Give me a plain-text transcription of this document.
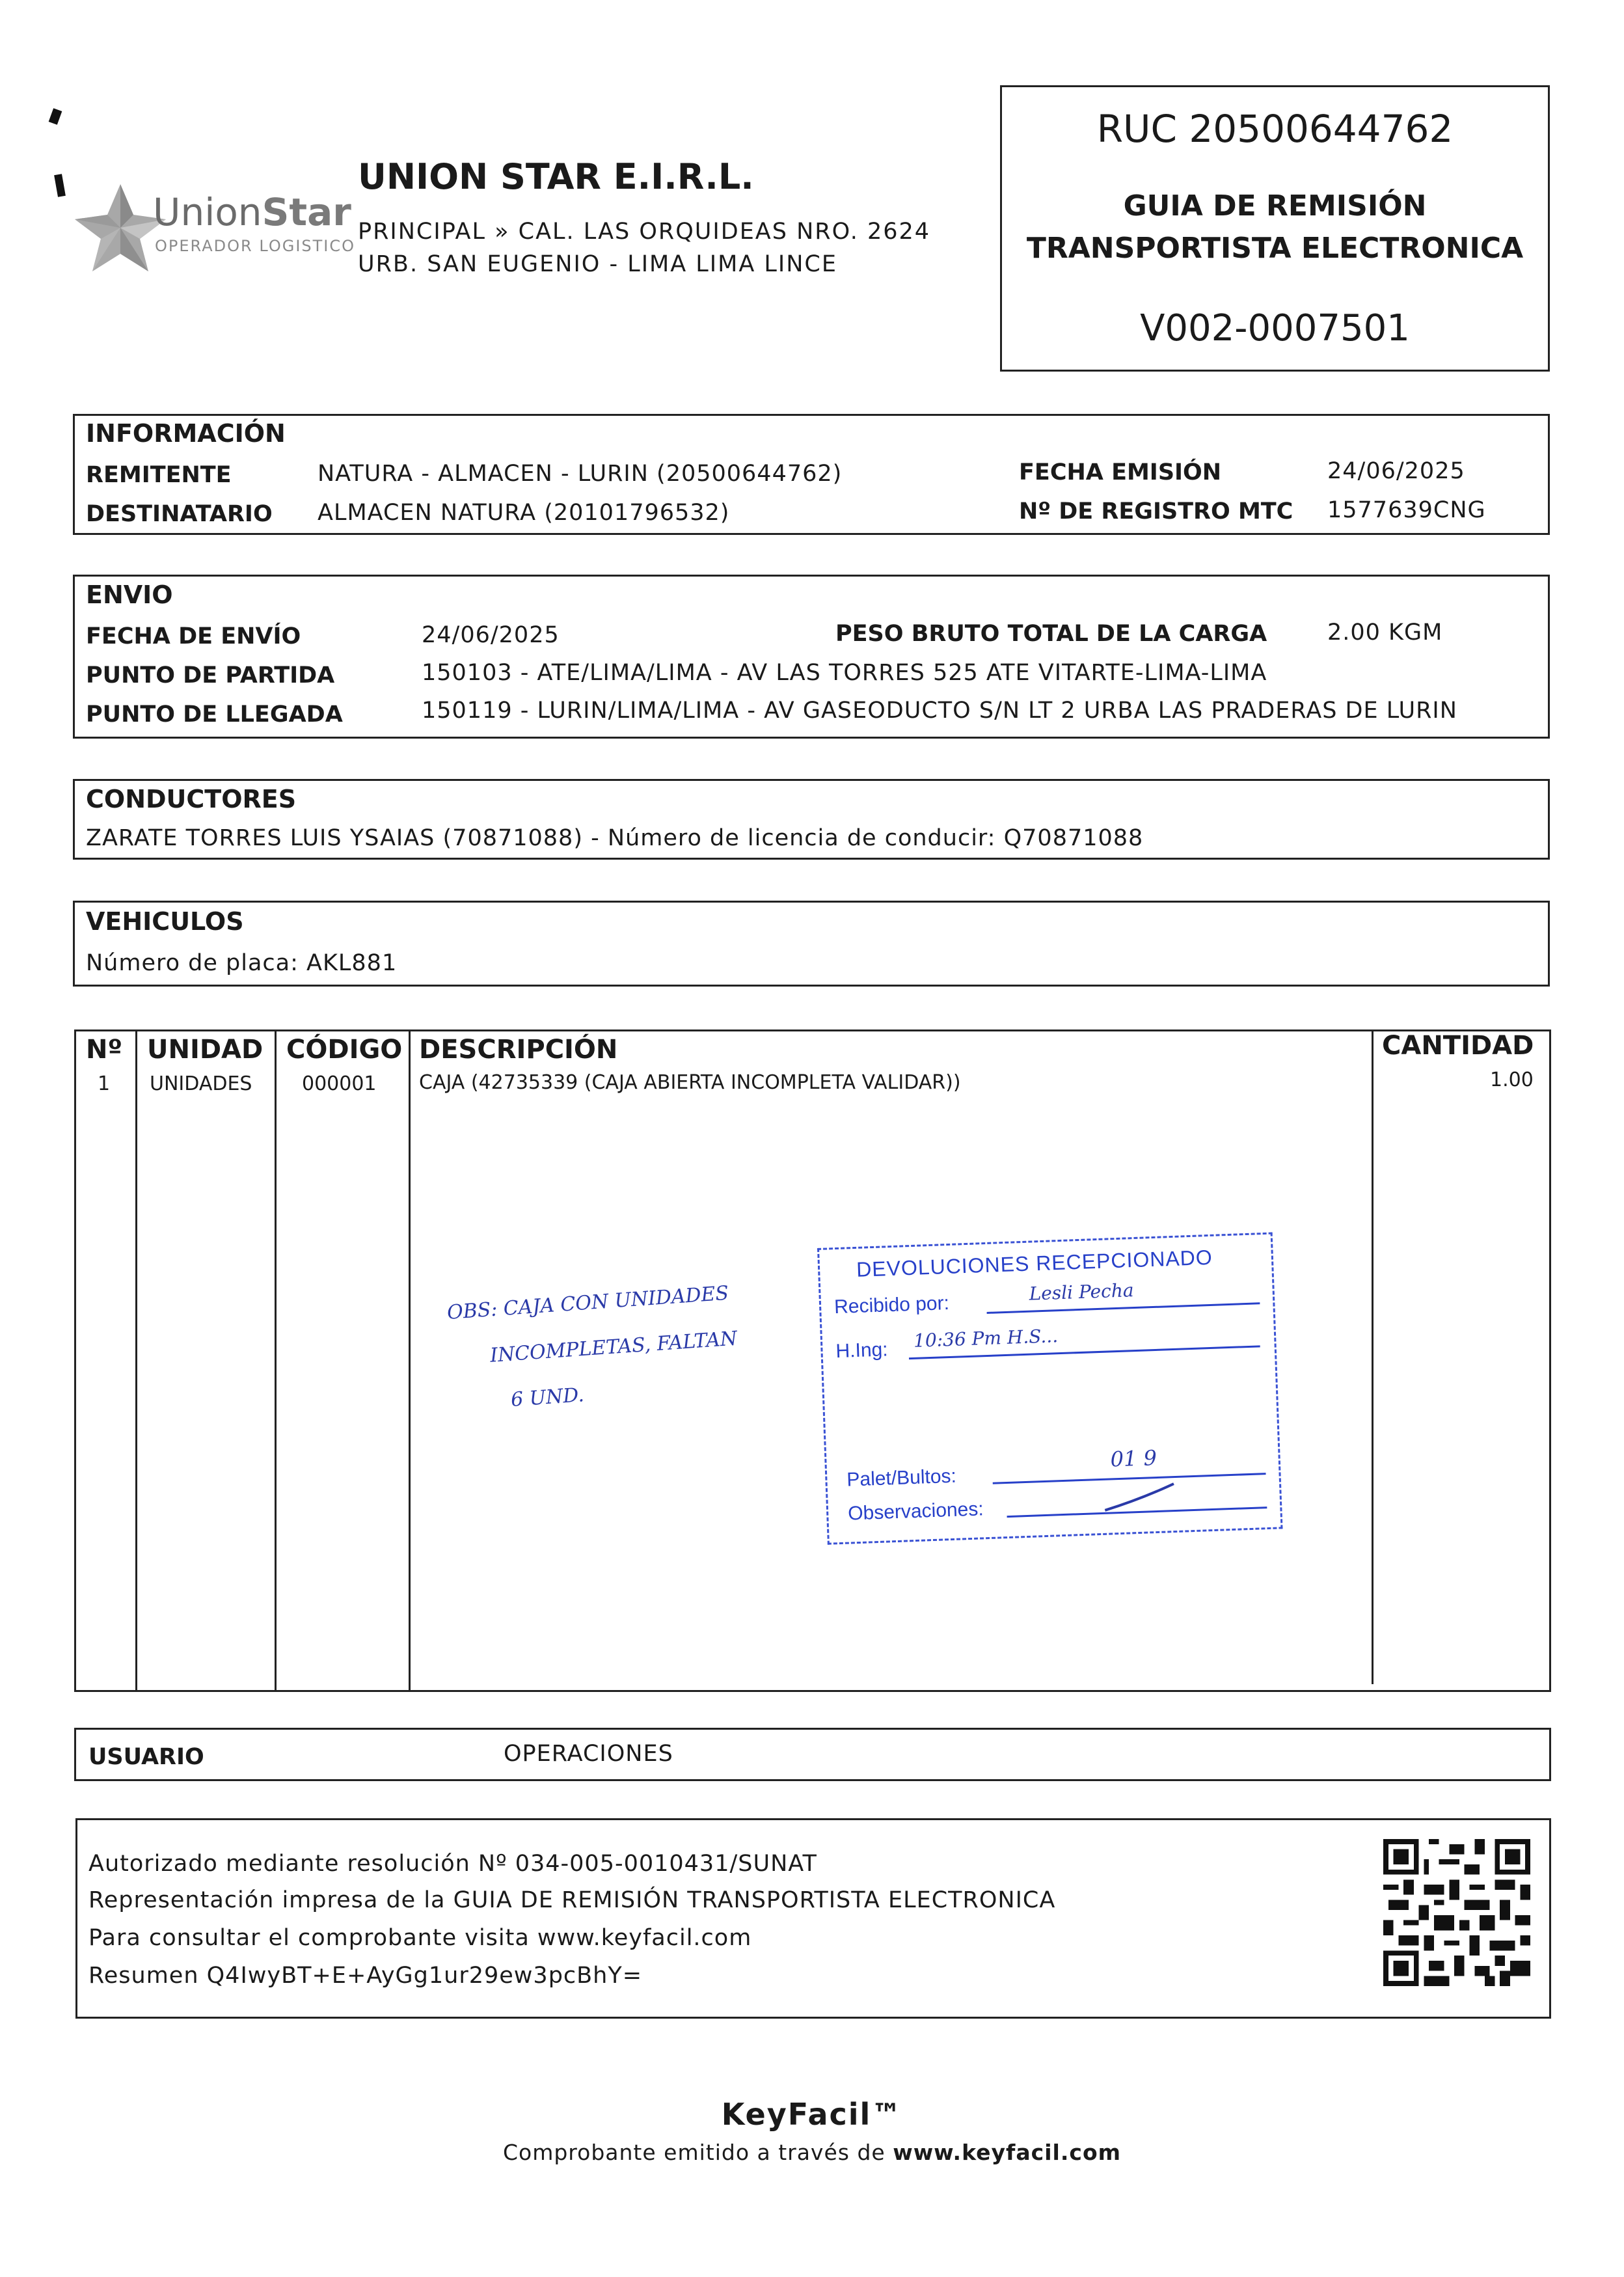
UnionStar
OPERADOR LOGISTICO
UNION STAR E.I.R.L.
PRINCIPAL » CAL. LAS ORQUIDEAS NRO. 2624
URB. SAN EUGENIO - LIMA LIMA LINCE
RUC 20500644762
GUIA DE REMISIÓN
TRANSPORTISTA ELECTRONICA
V002-0007501
INFORMACIÓN
REMITENTE	NATURA - ALMACEN - LURIN (20500644762)
DESTINATARIO ALMACEN NATURA (20101796532)
FECHA EMISIÓN	24/06/2025
Nº DE REGISTRO MTC 1577639CNG
ENVIO
FECHA DE ENVÍO	24/06/2025	PESO BRUTO TOTAL DE LA CARGA	2.00 KGM
PUNTO DE PARTIDA	150103 - ATE/LIMA/LIMA - AV LAS TORRES 525 ATE VITARTE-LIMA-LIMA
PUNTO DE LLEGADA	150119 - LURIN/LIMA/LIMA - AV GASEODUCTO S/N LT 2 URBA LAS PRADERAS DE LURIN
CONDUCTORES
ZARATE TORRES LUIS YSAIAS (70871088) - Número de licencia de conducir: Q70871088
VEHICULOS
Número de placa: AKL881
Nº UNIDAD CÓDIGO DESCRIPCIÓN	CANTIDAD
1 UNIDADES	000001 CAJA (42735339 (CAJA ABIERTA INCOMPLETA VALIDAR))	1.00
OBS: CAJA CON UNIDADES
INCOMPLETAS, FALTAN
6 UND.
DEVOLUCIONES RECEPCIONADO
Recibido por:
Lesli Pecha
H.Ing: 10:36 Pm H.S...
Palet/Bultos:
01 9
Observaciones:
USUARIO	OPERACIONES
Autorizado mediante resolución Nº 034-005-0010431/SUNAT
Representación impresa de la GUIA DE REMISIÓN TRANSPORTISTA ELECTRONICA
Para consultar el comprobante visita www.keyfacil.com
Resumen Q4IwyBT+E+AyGg1ur29ew3pcBhY=
KeyFacil™
Comprobante emitido a través de www.keyfacil.com
